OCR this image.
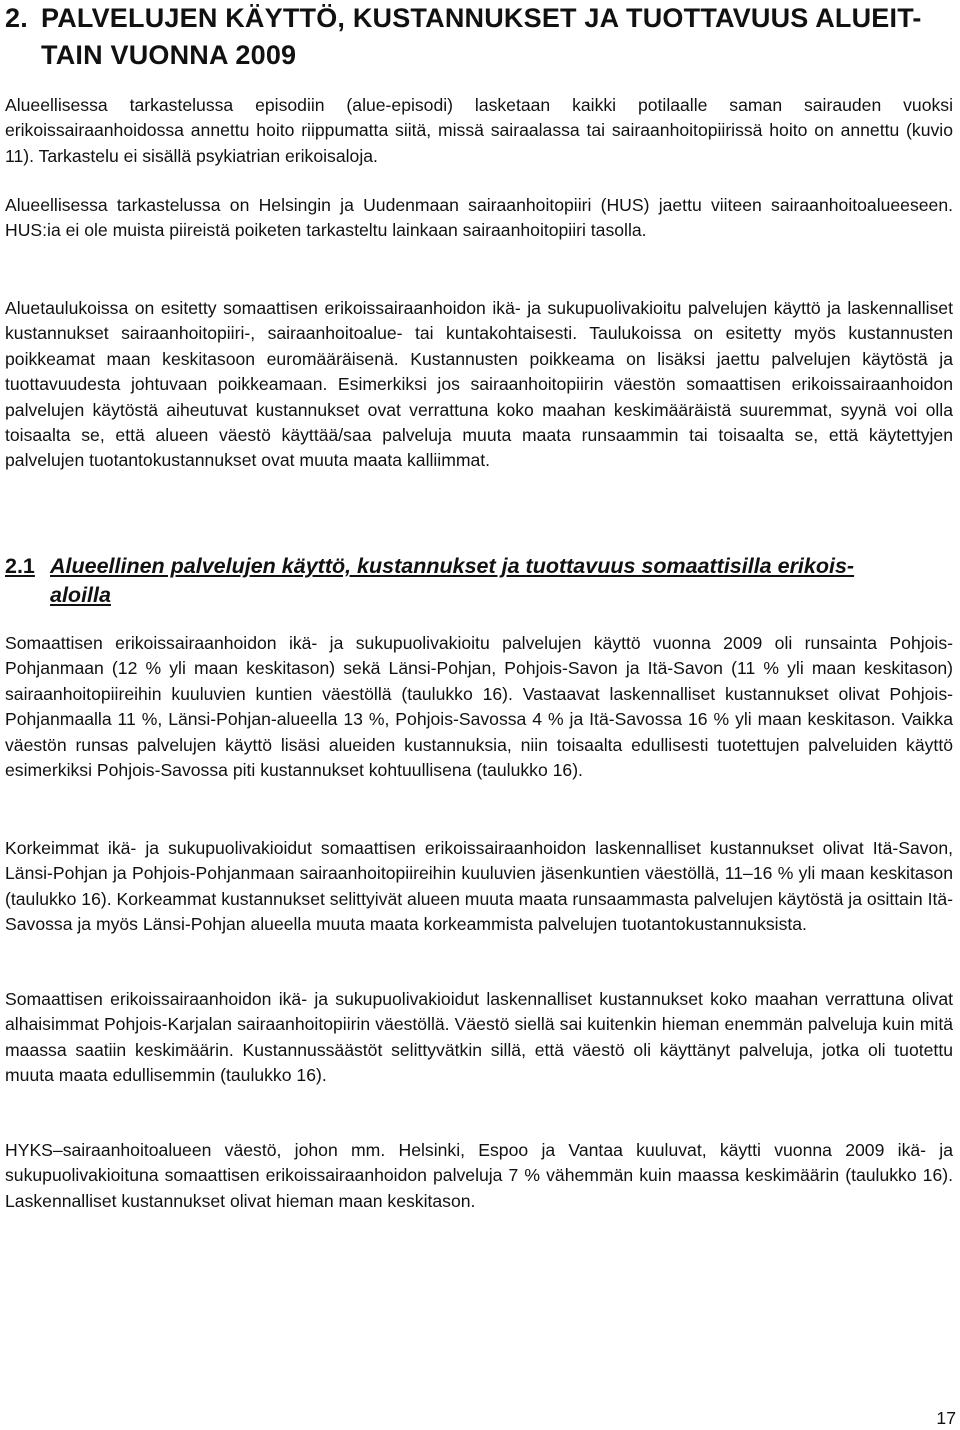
2. PALVELUJEN KÄYTTÖ, KUSTANNUKSET JA TUOTTAVUUS ALUEIT-
TAIN VUONNA 2009

Alueellisessa tarkastelussa episodiin (alue-episodi) lasketaan kaikki potilaalle saman sairauden vuoksi erikoissairaanhoidossa annettu hoito riippumatta siitä, missä sairaalassa tai sairaanhoitopiirissä hoito on annettu (kuvio 11). Tarkastelu ei sisällä psykiatrian erikoisaloja.

Alueellisessa tarkastelussa on Helsingin ja Uudenmaan sairaanhoitopiiri (HUS) jaettu viiteen sairaanhoitoalueeseen. HUS:ia ei ole muista piireistä poiketen tarkasteltu lainkaan sairaanhoitopiiri tasolla.

Aluetaulukoissa on esitetty somaattisen erikoissairaanhoidon ikä- ja sukupuolivakioitu palvelujen käyttö ja laskennalliset kustannukset sairaanhoitopiiri-, sairaanhoitoalue- tai kuntakohtaisesti. Taulukoissa on esitetty myös kustannusten poikkeamat maan keskitasoon euromääräisenä. Kustannusten poikkeama on lisäksi jaettu palvelujen käytöstä ja tuottavuudesta johtuvaan poikkeamaan. Esimerkiksi jos sairaanhoitopiirin väestön somaattisen erikoissairaanhoidon palvelujen käytöstä aiheutuvat kustannukset ovat verrattuna koko maahan keskimääräistä suuremmat, syynä voi olla toisaalta se, että alueen väestö käyttää/saa palveluja muuta maata runsaammin tai toisaalta se, että käytettyjen palvelujen tuotantokustannukset ovat muuta maata kalliimmat.

2.1 Alueellinen palvelujen käyttö, kustannukset ja tuottavuus somaattisilla erikois-
aloilla

Somaattisen erikoissairaanhoidon ikä- ja sukupuolivakioitu palvelujen käyttö vuonna 2009 oli runsainta Pohjois-Pohjanmaan (12 % yli maan keskitason) sekä Länsi-Pohjan, Pohjois-Savon ja Itä-Savon (11 % yli maan keskitason) sairaanhoitopiireihin kuuluvien kuntien väestöllä (taulukko 16). Vastaavat laskennalliset kustannukset olivat Pohjois-Pohjanmaalla 11 %, Länsi-Pohjan-alueella 13 %, Pohjois-Savossa 4 % ja Itä-Savossa 16 % yli maan keskitason. Vaikka väestön runsas palvelujen käyttö lisäsi alueiden kustannuksia, niin toisaalta edullisesti tuotettujen palveluiden käyttö esimerkiksi Pohjois-Savossa piti kustannukset kohtuullisena (taulukko 16).

Korkeimmat ikä- ja sukupuolivakioidut somaattisen erikoissairaanhoidon laskennalliset kustannukset olivat Itä-Savon, Länsi-Pohjan ja Pohjois-Pohjanmaan sairaanhoitopiireihin kuuluvien jäsenkuntien väestöllä, 11–16 % yli maan keskitason (taulukko 16). Korkeammat kustannukset selittyivät alueen muuta maata runsaammasta palvelujen käytöstä ja osittain Itä-Savossa ja myös Länsi-Pohjan alueella muuta maata korkeammista palvelujen tuotantokustannuksista.

Somaattisen erikoissairaanhoidon ikä- ja sukupuolivakioidut laskennalliset kustannukset koko maahan verrattuna olivat alhaisimmat Pohjois-Karjalan sairaanhoitopiirin väestöllä. Väestö siellä sai kuitenkin hieman enemmän palveluja kuin mitä maassa saatiin keskimäärin. Kustannussäästöt selittyvätkin sillä, että väestö oli käyttänyt palveluja, jotka oli tuotettu muuta maata edullisemmin (taulukko 16).

HYKS–sairaanhoitoalueen väestö, johon mm. Helsinki, Espoo ja Vantaa kuuluvat, käytti vuonna 2009 ikä- ja sukupuolivakioituna somaattisen erikoissairaanhoidon palveluja 7 % vähemmän kuin maassa keskimäärin (taulukko 16). Laskennalliset kustannukset olivat hieman maan keskitason.

17
